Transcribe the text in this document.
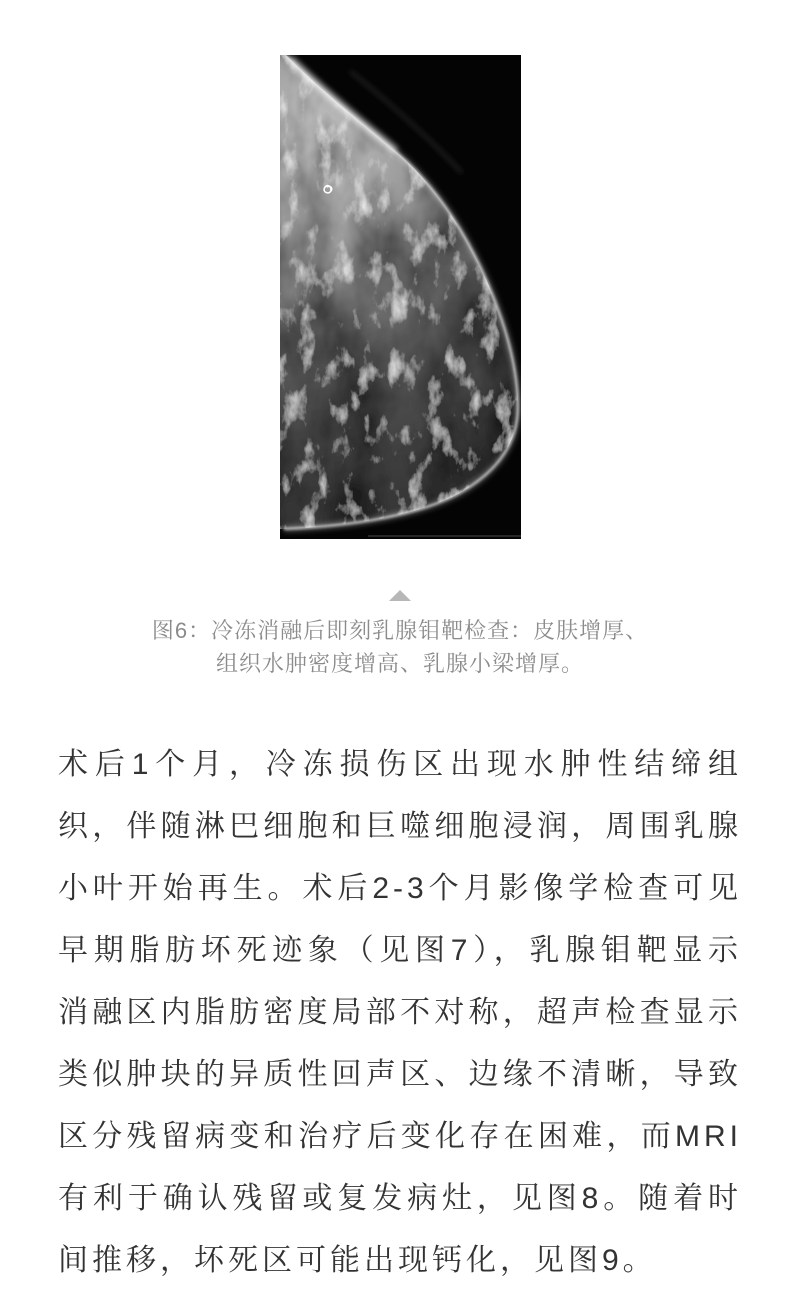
图6：冷冻消融后即刻乳腺钼靶检查：皮肤增厚、
组织水肿密度增高、乳腺小梁增厚。
术后1个月，冷冻损伤区出现水肿性结缔组
织，伴随淋巴细胞和巨噬细胞浸润，周围乳腺
小叶开始再生。术后2-3个月影像学检查可见
早期脂肪坏死迹象（见图7），乳腺钼靶显示
消融区内脂肪密度局部不对称，超声检查显示
类似肿块的异质性回声区、边缘不清晰，导致
区分残留病变和治疗后变化存在困难，而MRI
有利于确认残留或复发病灶，见图8。随着时
间推移，坏死区可能出现钙化，见图9。
